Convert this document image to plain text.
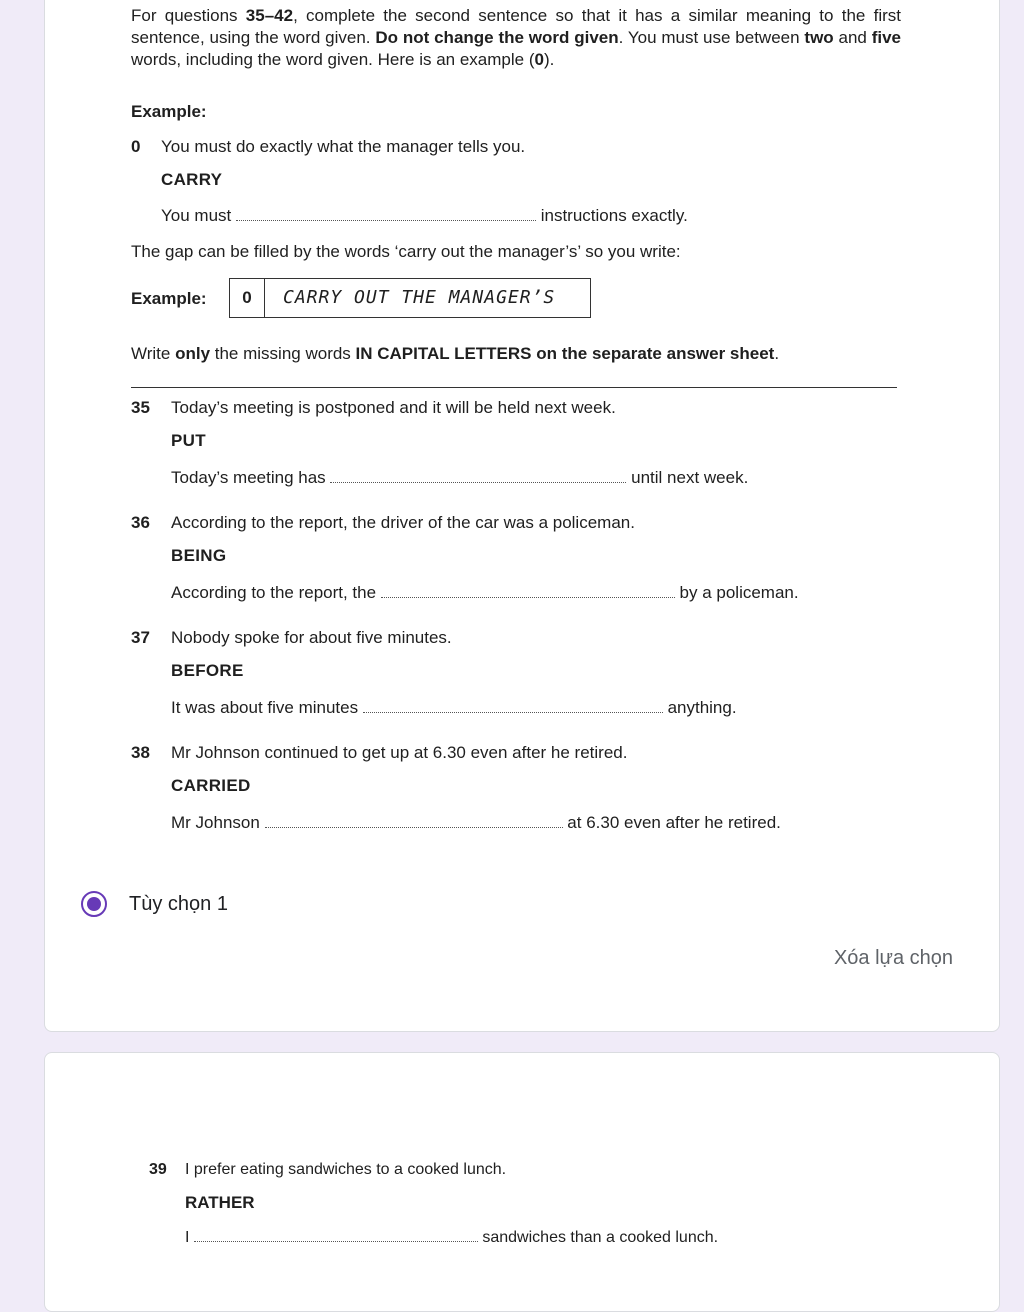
For questions 35–42, complete the second sentence so that it has a similar meaning to the first sentence, using the word given. Do not change the word given. You must use between two and five words, including the word given. Here is an example (0).

Example:
0 You must do exactly what the manager tells you.
CARRY
You must	instructions exactly.
The gap can be filled by the words ‘carry out the manager’s’ so you write:
Example:	0	CARRY OUT THE MANAGER’S
Write only the missing words IN CAPITAL LETTERS on the separate answer sheet.
35 Today’s meeting is postponed and it will be held next week.
PUT
Today’s meeting has	until next week.
36 According to the report, the driver of the car was a policeman.
BEING
According to the report, the	by a policeman.
37 Nobody spoke for about five minutes.
BEFORE
It was about five minutes	anything.
38 Mr Johnson continued to get up at 6.30 even after he retired.
CARRIED
Mr Johnson	at 6.30 even after he retired.
Tùy chọn 1
Xóa lựa chọn
39 I prefer eating sandwiches to a cooked lunch.
RATHER
I	sandwiches than a cooked lunch.
